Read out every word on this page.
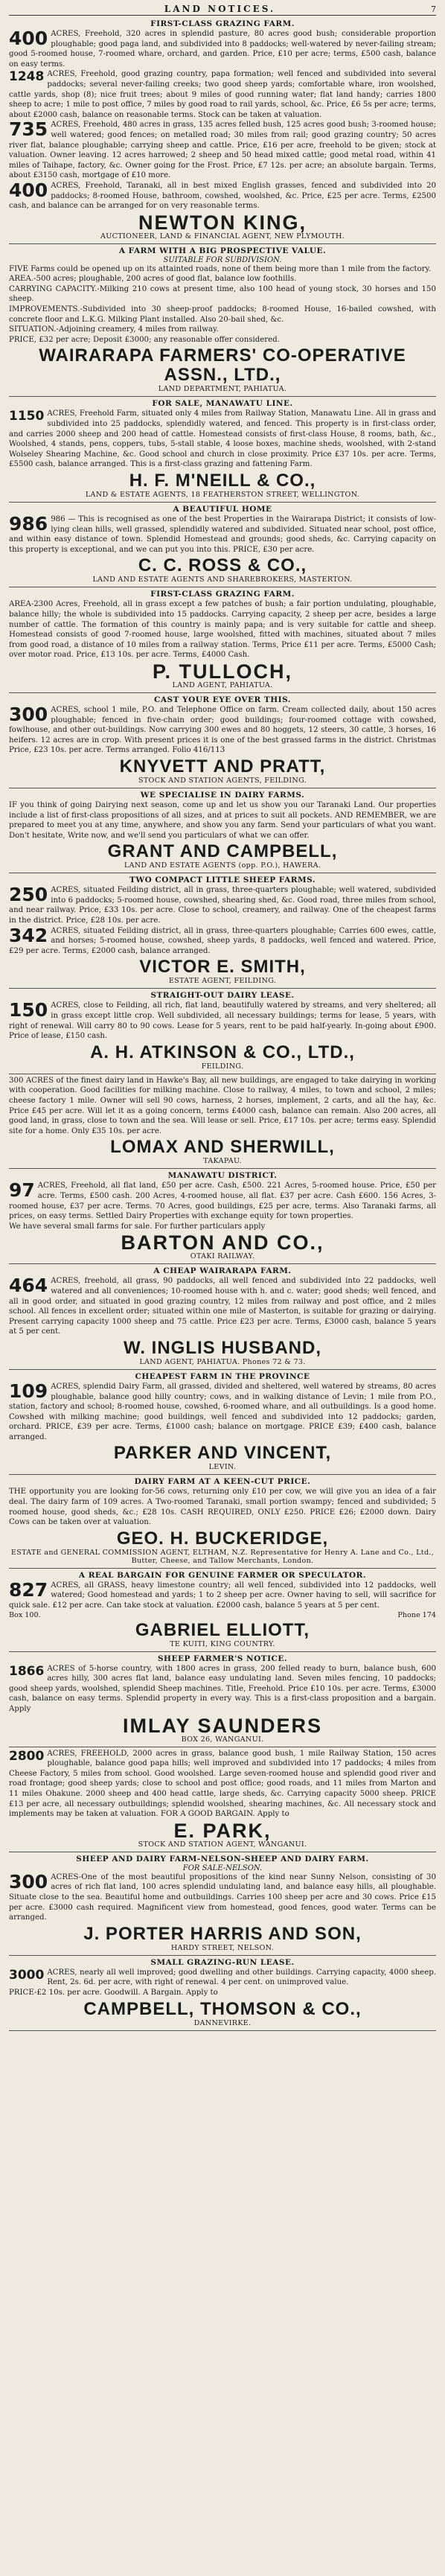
LAND NOTICES.	7
FIRST-CLASS GRAZING FARM.

400 ACRES, Freehold, 320 acres in splendid pasture, 80 acres good bush; considerable proportion ploughable; good paga land, and subdivided into 8 paddocks; well-watered by never-failing stream; good 5-roomed house, 7-roomed whare, orchard, and garden. Price, £10 per acre; terms, £500 cash, balance on easy terms.

1248 ACRES, Freehold, good grazing country, papa formation; well fenced and subdivided into several paddocks; several never-failing creeks; two good sheep yards; comfortable whare, iron woolshed, cattle yards, shop (8); nice fruit trees; about 9 miles of good running water; flat land handy; carries 1800 sheep to acre; 1 mile to post office, 7 miles by good road to rail yards, school, &c. Price, £6 5s per acre; terms, about £2000 cash, balance on reasonable terms. Stock can be taken at valuation.

735 ACRES, Freehold, 480 acres in grass, 135 acres felled bush, 125 acres good bush; 3-roomed house; well watered; good fences; on metalled road; 30 miles from rail; good grazing country; 50 acres river flat, balance ploughable; carrying sheep and cattle. Price, £16 per acre, freehold to be given; stock at valuation. Owner leaving. 12 acres harrowed; 2 sheep and 50 head mixed cattle; good metal road, within 41 miles of Taihape, factory, &c. Owner going for the Frost. Price, £7 12s. per acre; an absolute bargain. Terms, about £3150 cash, mortgage of £10 more.

400 ACRES, Freehold, Taranaki, all in best mixed English grasses, fenced and subdivided into 20 paddocks; 8-roomed House, bathroom, cowshed, woolshed, &c. Price, £25 per acre. Terms, £2500 cash, and balance can be arranged for on very reasonable terms.

NEWTON KING,
AUCTIONEER, LAND & FINANCIAL AGENT, NEW PLYMOUTH.
A FARM WITH A BIG PROSPECTIVE VALUE.
SUITABLE FOR SUBDIVISION.

FIVE Farms could be opened up on its attainted roads, none of them being more than 1 mile from the factory.

AREA.-500 acres; ploughable, 200 acres of good flat, balance low foothills.

CARRYING CAPACITY.-Milking 210 cows at present time, also 100 head of young stock, 30 horses and 150 sheep.

IMPROVEMENTS.-Subdivided into 30 sheep-proof paddocks; 8-roomed House, 16-bailed cowshed, with concrete floor and L.K.G. Milking Plant installed. Also 20-bail shed, &c.

SITUATION.-Adjoining creamery, 4 miles from railway.

PRICE, £32 per acre; Deposit £3000; any reasonable offer considered.

WAIRARAPA FARMERS' CO-OPERATIVE ASSN., LTD.,
LAND DEPARTMENT, PAHIATUA.
FOR SALE, MANAWATU LINE.

1150 ACRES, Freehold Farm, situated only 4 miles from Railway Station, Manawatu Line. All in grass and subdivided into 25 paddocks, splendidly watered, and fenced. This property is in first-class order, and carries 2000 sheep and 200 head of cattle. Homestead consists of first-class House, 8 rooms, bath, &c., Woolshed, 4 stands, pens, coppers, tubs, 5-stall stable, 4 loose boxes, machine sheds, woolshed, with 2-stand Wolseley Shearing Machine, &c. Good school and church in close proximity. Price £37 10s. per acre. Terms, £5500 cash, balance arranged. This is a first-class grazing and fattening Farm.

H. F. M'NEILL & CO.,
LAND & ESTATE AGENTS, 18 FEATHERSTON STREET, WELLINGTON.
A BEAUTIFUL HOME

986 986 — This is recognised as one of the best Properties in the Wairarapa District; it consists of low-lying clean hills, well grassed, splendidly watered and subdivided. Situated near school, post office, and within easy distance of town. Splendid Homestead and grounds; good sheds, &c. Carrying capacity on this property is exceptional, and we can put you into this. PRICE, £30 per acre.

C. C. ROSS & CO.,
LAND AND ESTATE AGENTS AND SHAREBROKERS, MASTERTON.
FIRST-CLASS GRAZING FARM.

AREA-2300 Acres, Freehold, all in grass except a few patches of bush; a fair portion undulating, ploughable, balance hilly; the whole is subdivided into 15 paddocks. Carrying capacity, 2 sheep per acre, besides a large number of cattle. The formation of this country is mainly papa; and is very suitable for cattle and sheep. Homestead consists of good 7-roomed house, large woolshed, fitted with machines, situated about 7 miles from good road, a distance of 10 miles from a railway station. Terms, Price £11 per acre. Terms, £5000 Cash; over motor road. Price, £13 10s. per acre. Terms, £4000 Cash.

P. TULLOCH,
LAND AGENT, PAHIATUA.
CAST YOUR EYE OVER THIS.

300 ACRES, school 1 mile, P.O. and Telephone Office on farm. Cream collected daily, about 150 acres ploughable; fenced in five-chain order; good buildings; four-roomed cottage with cowshed, fowlhouse, and other out-buildings. Now carrying 300 ewes and 80 hoggets, 12 steers, 30 cattle, 3 horses, 16 heifers. 12 acres are in crop. With present prices it is one of the best grassed farms in the district. Christmas Price, £23 10s. per acre. Terms arranged. Folio 416/113

KNYVETT AND PRATT,
STOCK AND STATION AGENTS, FEILDING.
WE SPECIALISE IN DAIRY FARMS.

IF you think of going Dairying next season, come up and let us show you our Taranaki Land. Our properties include a list of first-class propositions of all sizes, and at prices to suit all pockets. AND REMEMBER, we are prepared to meet you at any time, anywhere, and show you any farm. Send your particulars of what you want. Don't hesitate, Write now, and we'll send you particulars of what we can offer.

GRANT AND CAMPBELL,
LAND AND ESTATE AGENTS (opp. P.O.), HAWERA.
TWO COMPACT LITTLE SHEEP FARMS.

250 ACRES, situated Feilding district, all in grass, three-quarters ploughable; well watered, subdivided into 6 paddocks; 5-roomed house, cowshed, shearing shed, &c. Good road, three miles from school, and near railway. Price, £33 10s. per acre. Close to school, creamery, and railway. One of the cheapest farms in the district. Price, £28 10s. per acre.

342 ACRES, situated Feilding district, all in grass, three-quarters ploughable; Carries 600 ewes, cattle, and horses; 5-roomed house, cowshed, sheep yards, 8 paddocks, well fenced and watered. Price, £29 per acre. Terms, £2000 cash, balance arranged.

VICTOR E. SMITH,
ESTATE AGENT, FEILDING.
STRAIGHT-OUT DAIRY LEASE.

150 ACRES, close to Feilding, all rich, flat land, beautifully watered by streams, and very sheltered; all in grass except little crop. Well subdivided, all necessary buildings; terms for lease, 5 years, with right of renewal. Will carry 80 to 90 cows. Lease for 5 years, rent to be paid half-yearly. In-going about £900. Price of lease, £150 cash.

A. H. ATKINSON & CO., LTD.,
FEILDING.

300 ACRES of the finest dairy land in Hawke's Bay, all new buildings, are engaged to take dairying in working with cooperation. Good facilities for milking machine. Close to railway, 4 miles, to town and school, 2 miles; cheese factory 1 mile. Owner will sell 90 cows, harness, 2 horses, implement, 2 carts, and all the hay, &c. Price £45 per acre. Will let it as a going concern, terms £4000 cash, balance can remain. Also 200 acres, all good land, in grass, close to town and the sea. Will lease or sell. Price, £17 10s. per acre; terms easy. Splendid site for a home. Only £35 10s. per acre.

LOMAX AND SHERWILL,
TAKAPAU.
MANAWATU DISTRICT.

97 ACRES, Freehold, all flat land, £50 per acre. Cash, £500. 221 Acres, 5-roomed house. Price, £50 per acre. Terms, £500 cash. 200 Acres, 4-roomed house, all flat. £37 per acre. Cash £600. 156 Acres, 3-roomed house, £37 per acre. Terms. 70 Acres, good buildings, £25 per acre, terms. Also Taranaki farms, all prices, on easy terms. Settled Dairy Properties with exchange equity for town properties.

We have several small farms for sale. For further particulars apply

BARTON AND CO.,
OTAKI RAILWAY.
A CHEAP WAIRARAPA FARM.

464 ACRES, freehold, all grass, 90 paddocks, all well fenced and subdivided into 22 paddocks, well watered and all conveniences; 10-roomed house with h. and c. water; good sheds; well fenced, and all in good order, and situated in good grazing country, 12 miles from railway and post office, and 2 miles school. All fences in excellent order; situated within one mile of Masterton, is suitable for grazing or dairying. Present carrying capacity 1000 sheep and 75 cattle. Price £23 per acre. Terms, £3000 cash, balance 5 years at 5 per cent.

W. INGLIS HUSBAND,
LAND AGENT, PAHIATUA. Phones 72 & 73.
CHEAPEST FARM IN THE PROVINCE

109 ACRES, splendid Dairy Farm, all grassed, divided and sheltered, well watered by streams, 80 acres ploughable, balance good hilly country; cows, and in walking distance of Levin; 1 mile from P.O., station, factory and school; 8-roomed house, cowshed, 6-roomed whare, and all outbuildings. Is a good home. Cowshed with milking machine; good buildings, well fenced and subdivided into 12 paddocks; garden, orchard. PRICE, £39 per acre. Terms, £1000 cash; balance on mortgage. PRICE £39; £400 cash, balance arranged.

PARKER AND VINCENT,
LEVIN.
DAIRY FARM AT A KEEN-CUT PRICE.

THE opportunity you are looking for-56 cows, returning only £10 per cow, we will give you an idea of a fair deal. The dairy farm of 109 acres. A Two-roomed Taranaki, small portion swampy; fenced and subdivided; 5 roomed house, good sheds, &c.; £28 10s. CASH REQUIRED, ONLY £250. PRICE £26; £2000 down. Dairy Cows can be taken over at valuation.

GEO. H. BUCKERIDGE,
ESTATE and GENERAL COMMISSION AGENT, ELTHAM, N.Z. Representative for Henry A. Lane and Co., Ltd., Butter, Cheese, and Tallow Merchants, London.
A REAL BARGAIN FOR GENUINE FARMER OR SPECULATOR.

827 ACRES, all GRASS, heavy limestone country; all well fenced, subdivided into 12 paddocks, well watered; Good homestead and yards; 1 to 2 sheep per acre. Owner having to sell, will sacrifice for quick sale. £12 per acre. Can take stock at valuation. £2000 cash, balance 5 years at 5 per cent.

Box 100.	Phone 174
GABRIEL ELLIOTT,
TE KUITI, KING COUNTRY.
SHEEP FARMER'S NOTICE.

1866 ACRES of 5-horse country, with 1800 acres in grass, 200 felled ready to burn, balance bush, 600 acres hilly, 300 acres flat land, balance easy undulating land. Seven miles fencing, 10 paddocks; good sheep yards, woolshed, splendid Sheep machines. Title, Freehold. Price £10 10s. per acre. Terms, £3000 cash, balance on easy terms. Splendid property in every way. This is a first-class proposition and a bargain. Apply

IMLAY SAUNDERS
BOX 26, WANGANUI.

2800 ACRES, FREEHOLD, 2000 acres in grass, balance good bush, 1 mile Railway Station, 150 acres ploughable, balance good papa hills; well improved and subdivided into 17 paddocks; 4 miles from Cheese Factory, 5 miles from school. Good woolshed. Large seven-roomed house and splendid good river and road frontage; good sheep yards; close to school and post office; good roads, and 11 miles from Marton and 11 miles Ohakune. 2000 sheep and 400 head cattle, large sheds, &c. Carrying capacity 5000 sheep. PRICE £13 per acre, all necessary outbuildings; splendid woolshed, shearing machines, &c. All necessary stock and implements may be taken at valuation. FOR A GOOD BARGAIN. Apply to

E. PARK,
STOCK AND STATION AGENT, WANGANUI.
SHEEP AND DAIRY FARM-NELSON-SHEEP AND DAIRY FARM.
FOR SALE-NELSON.

300 ACRES-One of the most beautiful propositions of the kind near Sunny Nelson, consisting of 30 acres of rich flat land, 100 acres splendid undulating land, and balance easy hills, all ploughable. Situate close to the sea. Beautiful home and outbuildings. Carries 100 sheep per acre and 30 cows. Price £15 per acre. £3000 cash required. Magnificent view from homestead, good fences, good water. Terms can be arranged.

J. PORTER HARRIS AND SON,
HARDY STREET, NELSON.
SMALL GRAZING-RUN LEASE.

3000 ACRES, nearly all well improved; good dwelling and other buildings. Carrying capacity, 4000 sheep. Rent, 2s. 6d. per acre, with right of renewal. 4 per cent. on unimproved value.

PRICE-£2 10s. per acre. Goodwill. A Bargain. Apply to

CAMPBELL, THOMSON & CO.,
DANNEVIRKE.
